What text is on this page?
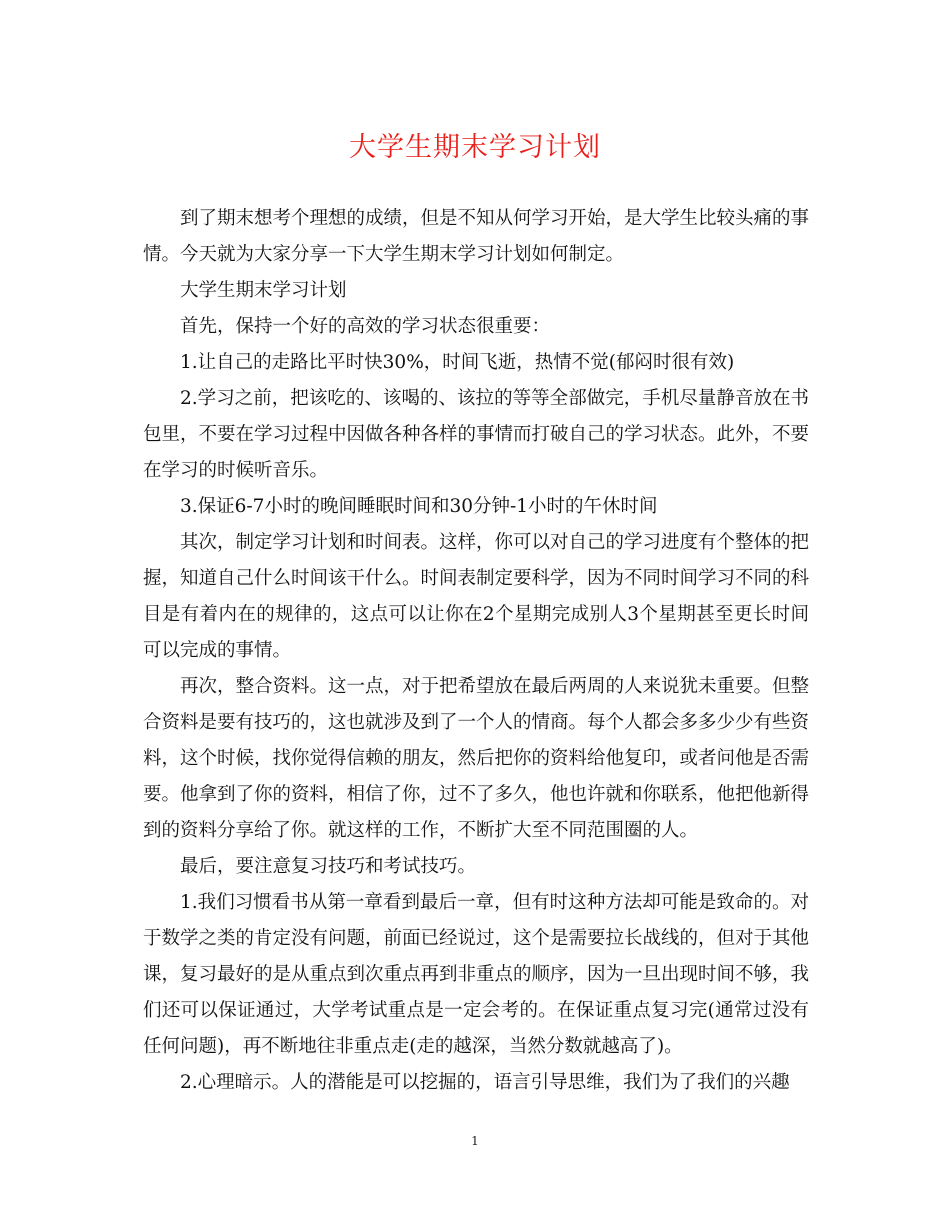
大学生期末学习计划

到了期末想考个理想的成绩，但是不知从何学习开始，是大学生比较头痛的事情。今天就为大家分享一下大学生期末学习计划如何制定。

大学生期末学习计划

首先，保持一个好的高效的学习状态很重要：

1.让自己的走路比平时快30%，时间飞逝，热情不觉(郁闷时很有效)

2.学习之前，把该吃的、该喝的、该拉的等等全部做完，手机尽量静音放在书包里，不要在学习过程中因做各种各样的事情而打破自己的学习状态。此外，不要在学习的时候听音乐。

3.保证6-7小时的晚间睡眠时间和30分钟-1小时的午休时间

其次，制定学习计划和时间表。这样，你可以对自己的学习进度有个整体的把握，知道自己什么时间该干什么。时间表制定要科学，因为不同时间学习不同的科目是有着内在的规律的，这点可以让你在2个星期完成别人3个星期甚至更长时间可以完成的事情。

再次，整合资料。这一点，对于把希望放在最后两周的人来说犹未重要。但整合资料是要有技巧的，这也就涉及到了一个人的情商。每个人都会多多少少有些资料，这个时候，找你觉得信赖的朋友，然后把你的资料给他复印，或者问他是否需要。他拿到了你的资料，相信了你，过不了多久，他也许就和你联系，他把他新得到的资料分享给了你。就这样的工作，不断扩大至不同范围圈的人。

最后，要注意复习技巧和考试技巧。

1.我们习惯看书从第一章看到最后一章，但有时这种方法却可能是致命的。对于数学之类的肯定没有问题，前面已经说过，这个是需要拉长战线的，但对于其他课，复习最好的是从重点到次重点再到非重点的顺序，因为一旦出现时间不够，我们还可以保证通过，大学考试重点是一定会考的。在保证重点复习完(通常过没有任何问题)，再不断地往非重点走(走的越深，当然分数就越高了)。

2.心理暗示。人的潜能是可以挖掘的，语言引导思维，我们为了我们的兴趣

1
